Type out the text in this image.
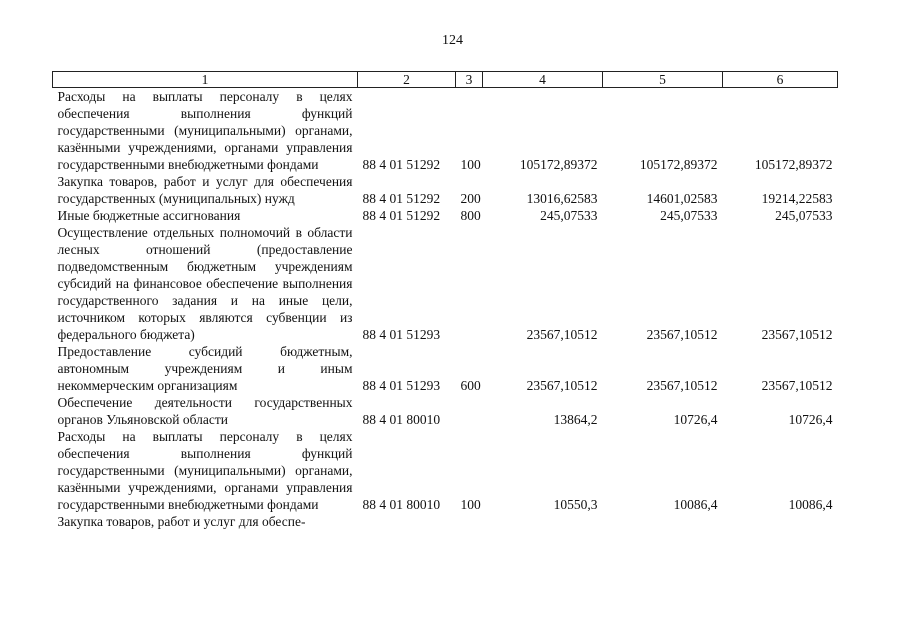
124
1	2	3	4	5	6

Расходы на выплаты персоналу в целях обеспечения выполнения функций государственными (муниципальными) органами, казёнными учреждениями, органами управления государственными внебюджетными фондами	88 4 01 51292	100	105172,89372	105172,89372	105172,89372

Закупка товаров, работ и услуг для обеспечения государственных (муниципальных) нужд	88 4 01 51292	200	13016,62583	14601,02583	19214,22583

Иные бюджетные ассигнования	88 4 01 51292	800	245,07533	245,07533	245,07533

Осуществление отдельных полномочий в области лесных отношений (предоставление подведомственным бюджетным учреждениям субсидий на финансовое обеспечение выполнения государственного задания и на иные цели, источником которых являются субвенции из федерального бюджета)	88 4 01 51293		23567,10512	23567,10512	23567,10512

Предоставление субсидий бюджетным, автономным учреждениям и иным некоммерческим организациям	88 4 01 51293	600	23567,10512	23567,10512	23567,10512

Обеспечение деятельности государственных органов Ульяновской области	88 4 01 80010		13864,2	10726,4	10726,4

Расходы на выплаты персоналу в целях обеспечения выполнения функций государственными (муниципальными) органами, казёнными учреждениями, органами управления государственными внебюджетными фондами	88 4 01 80010	100	10550,3	10086,4	10086,4

Закупка товаров, работ и услуг для обеспе-					
